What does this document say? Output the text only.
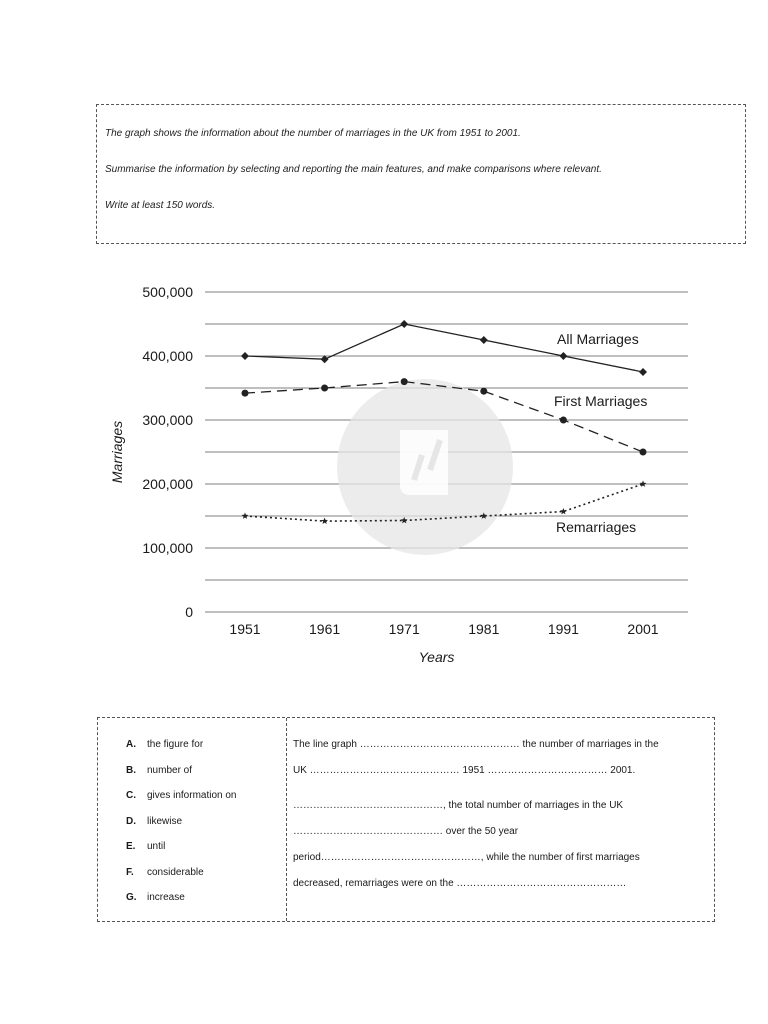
The graph shows the information about the number of marriages in the UK from 1951 to 2001.

Summarise the information by selecting and reporting the main features, and make comparisons where relevant.

Write at least 150 words.

0
100,000
200,000
300,000
400,000
500,000
1951	1961	1971	1981	1991	2001
Years
Marriages
All Marriages
First Marriages
Remarriages
A. the figure for
B. number of
C. gives information on
D. likewise
E. until
F. considerable
G. increase
The line graph ………………………………………… the number of marriages in the
UK ……………………………………… 1951 ……………………………… 2001.
………………………………………, the total number of marriages in the UK
……………………………………… over the 50 year
period…………………………………………, while the number of first marriages
decreased, remarriages were on the ……………………………………………
